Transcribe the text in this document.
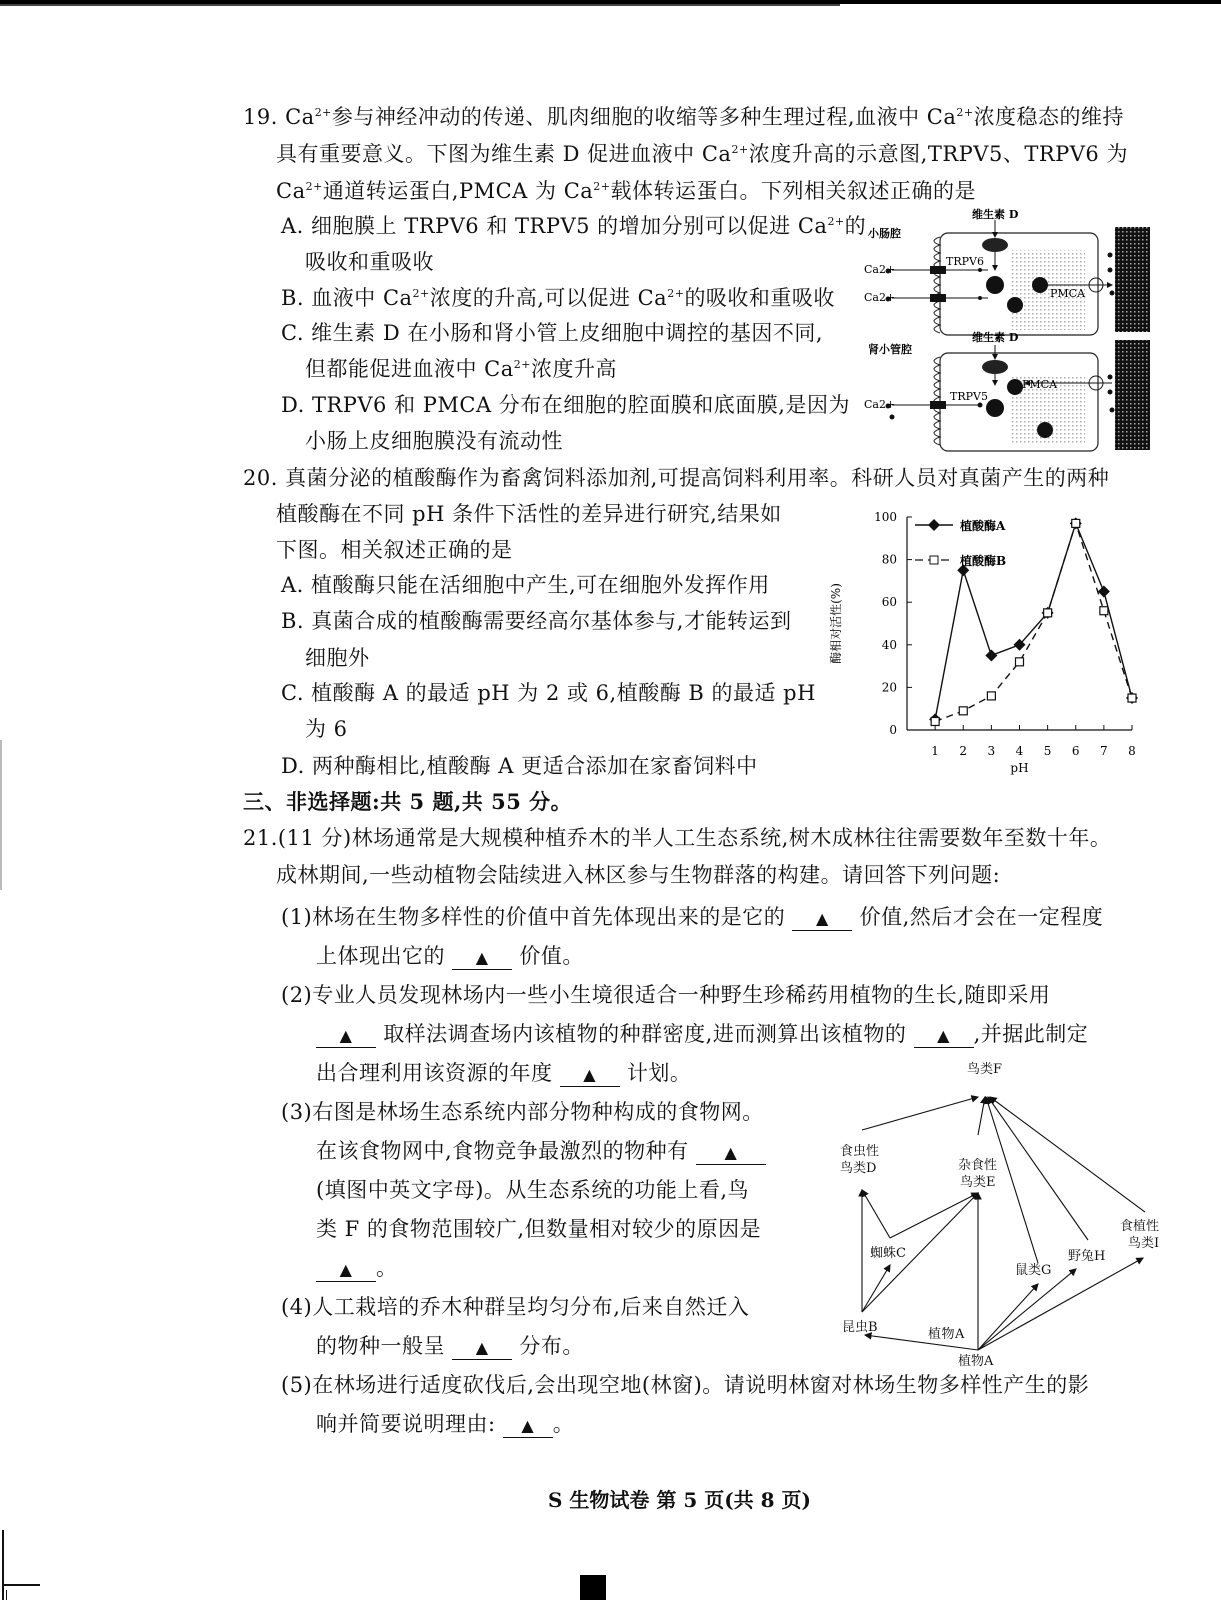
19. $Ca^{2+}$参与神经冲动的传递、肌肉细胞的收缩等多种生理过程,血液中 $Ca^{2+}$浓度稳态的维持
具有重要意义。下图为维生素 D 促进血液中 $Ca^{2+}$浓度升高的示意图,TRPV5、TRPV6 为
$Ca^{2+}$通道转运蛋白,PMCA 为 $Ca^{2+}$载体转运蛋白。下列相关叙述正确的是
A. 细胞膜上 TRPV6 和 TRPV5 的增加分别可以促进 $Ca^{2+}$的
吸收和重吸收
B. 血液中 $Ca^{2+}$浓度的升高,可以促进 $Ca^{2+}$的吸收和重吸收
C. 维生素 D 在小肠和肾小管上皮细胞中调控的基因不同,
但都能促进血液中 $Ca^{2+}$浓度升高
D. TRPV6 和 PMCA 分布在细胞的腔面膜和底面膜,是因为
小肠上皮细胞膜没有流动性
小肠腔
维生素 D
TRPV6
PMCA
Ca2+
Ca2+
肾小管腔
维生素 D
TRPV5
PMCA
Ca2+
20. 真菌分泌的植酸酶作为畜禽饲料添加剂,可提高饲料利用率。科研人员对真菌产生的两种
植酸酶在不同 pH 条件下活性的差异进行研究,结果如
下图。相关叙述正确的是
A. 植酸酶只能在活细胞中产生,可在细胞外发挥作用
B. 真菌合成的植酸酶需要经高尔基体参与,才能转运到
细胞外
C. 植酸酶 A 的最适 pH 为 2 或 6,植酸酶 B 的最适 pH
为 6
D. 两种酶相比,植酸酶 A 更适合添加在家畜饲料中
0
20
40
60
80
100
1 2 3 4 5 6 7 8
pH
酶相对活性(%)
植酸酶A
植酸酶B
三、非选择题:共 5 题,共 55 分。
21.(11 分)林场通常是大规模种植乔木的半人工生态系统,树木成林往往需要数年至数十年。
成林期间,一些动植物会陆续进入林区参与生物群落的构建。请回答下列问题:
(1)林场在生物多样性的价值中首先体现出来的是它的 ▲ 价值,然后才会在一定程度
上体现出它的 ▲ 价值。
(2)专业人员发现林场内一些小生境很适合一种野生珍稀药用植物的生长,随即采用
▲ 取样法调查场内该植物的种群密度,进而测算出该植物的 ▲ ,并据此制定
出合理利用该资源的年度 ▲ 计划。
(3)右图是林场生态系统内部分物种构成的食物网。
在该食物网中,食物竞争最激烈的物种有 ▲
(填图中英文字母)。从生态系统的功能上看,鸟
类 F 的食物范围较广,但数量相对较少的原因是
▲ 。
(4)人工栽培的乔木种群呈均匀分布,后来自然迁入
的物种一般呈 ▲ 分布。
(5)在林场进行适度砍伐后,会出现空地(林窗)。请说明林窗对林场生物多样性产生的影
响并简要说明理由: ▲ 。
鸟类F
食虫性
鸟类D	杂食性
鸟类E
蜘蛛C
昆虫B
植物A
鼠类G
野兔H
食植性
鸟类I
植物A
S 生物试卷 第 5 页(共 8 页)
